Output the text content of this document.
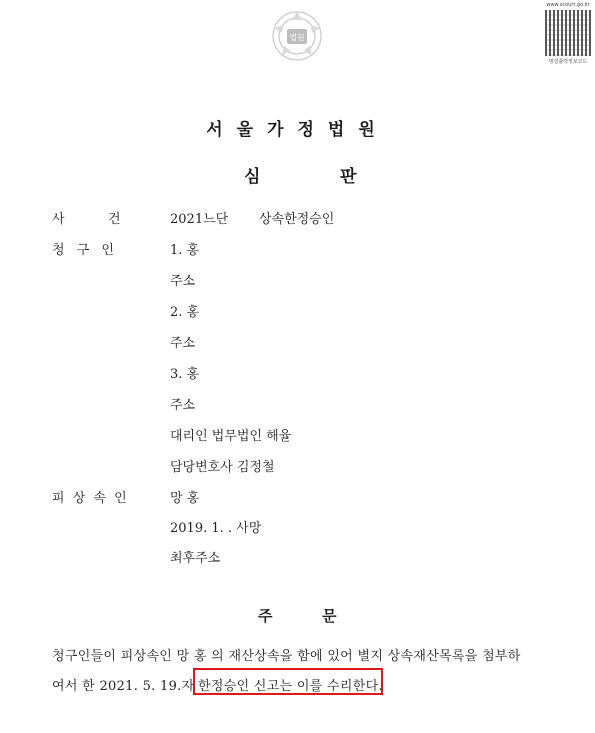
법원
www.scourt.go.kr
명성출력정보코드
서울가정법원
심	판
사	건	2021느단 상속한정승인
청 구 인	1. 홍
주소
2. 홍
주소
3. 홍
주소
대리인 법무법인 해율
담당변호사 김정철
피 상 속 인	망 홍
2019. 1. . 사망
최후주소
주	문
청구인들이 피상속인 망 홍 의 재산상속을 함에 있어 별지 상속재산목록을 첨부하
여서 한 2021. 5. 19.자 한정승인 신고는 이를 수리한다.
